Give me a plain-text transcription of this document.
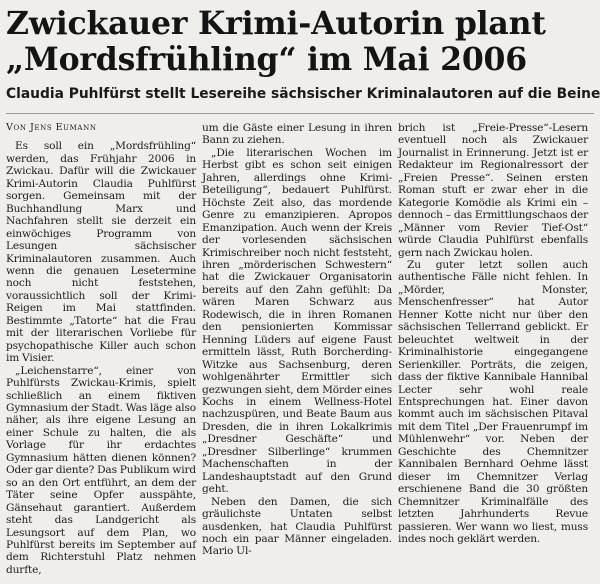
Zwickauer Krimi-Autorin plant
„Mordsfrühling“ im Mai 2006
Claudia Puhlfürst stellt Lesereihe sächsischer Kriminalautoren auf die Beine

Von Jens Eumann

Es soll ein „Mordsfrühling“ werden, das Frühjahr 2006 in Zwickau. Dafür will die Zwickauer Krimi-Autorin Claudia Puhlfürst sorgen. Gemeinsam mit der Buchhandlung Marx und Nachfahren stellt sie derzeit ein einwöchiges Programm von Lesungen sächsischer Kriminalautoren zusammen. Auch wenn die genauen Lesetermine noch nicht feststehen, voraussichtlich soll der Krimi-Reigen im Mai stattfinden. Bestimmte „Tatorte“ hat die Frau mit der literarischen Vorliebe für psychopathische Killer auch schon im Visier.

„Leichenstarre“, einer von Puhlfürsts Zwickau-Krimis, spielt schließlich an einem fiktiven Gymnasium der Stadt. Was läge also näher, als ihre eigene Lesung an einer Schule zu halten, die als Vorlage für ihr erdachtes Gymnasium hätten dienen können? Oder gar diente? Das Publikum wird so an den Ort entführt, an dem der Täter seine Opfer ausspähte, Gänsehaut garantiert. Außerdem steht das Landgericht als Lesungsort auf dem Plan, wo Puhlfürst bereits im September auf dem Richterstuhl Platz nehmen durfte,

um die Gäste einer Lesung in ihren Bann zu ziehen.

„Die literarischen Wochen im Herbst gibt es schon seit einigen Jahren, allerdings ohne Krimi-Beteiligung“, bedauert Puhlfürst. Höchste Zeit also, das mordende Genre zu emanzipieren. Apropos Emanzipation. Auch wenn der Kreis der vorlesenden sächsischen Krimischreiber noch nicht feststeht, ihren „mörderischen Schwestern“ hat die Zwickauer Organisatorin bereits auf den Zahn gefühlt: Da wären Maren Schwarz aus Rodewisch, die in ihren Romanen den pensionierten Kommissar Henning Lüders auf eigene Faust ermitteln lässt, Ruth Borcherding-Witzke aus Sachsenburg, deren wohlgenährter Ermittler sich gezwungen sieht, dem Mörder eines Kochs in einem Wellness-Hotel nachzuspüren, und Beate Baum aus Dresden, die in ihren Lokalkrimis „Dresdner Geschäfte“ und „Dresdner Silberlinge“ krummen Machenschaften in der Landeshauptstadt auf den Grund geht.

Neben den Damen, die sich gräulichste Untaten selbst ausdenken, hat Claudia Puhlfürst noch ein paar Männer eingeladen. Mario Ul-

brich ist „Freie-Presse“-Lesern eventuell noch als Zwickauer Journalist in Erinnerung. Jetzt ist er Redakteur im Regionalressort der „Freien Presse“. Seinen ersten Roman stuft er zwar eher in die Kategorie Komödie als Krimi ein – dennoch – das Ermittlungschaos der „Männer vom Revier Tief-Ost“ würde Claudia Puhlfürst ebenfalls gern nach Zwickau holen.

Zu guter letzt sollen auch authentische Fälle nicht fehlen. In „Mörder, Monster, Menschenfresser“ hat Autor Henner Kotte nicht nur über den sächsischen Tellerrand geblickt. Er beleuchtet weltweit in der Kriminalhistorie eingegangene Serienkiller. Porträts, die zeigen, dass der fiktive Kannibale Hannibal Lecter sehr wohl reale Entsprechungen hat. Einer davon kommt auch im sächsischen Pitaval mit dem Titel „Der Frauenrumpf im Mühlenwehr“ vor. Neben der Geschichte des Chemnitzer Kannibalen Bernhard Oehme lässt dieser im Chemnitzer Verlag erschienene Band die 30 größten Chemnitzer Kriminalfälle des letzten Jahrhunderts Revue passieren. Wer wann wo liest, muss indes noch geklärt werden.
